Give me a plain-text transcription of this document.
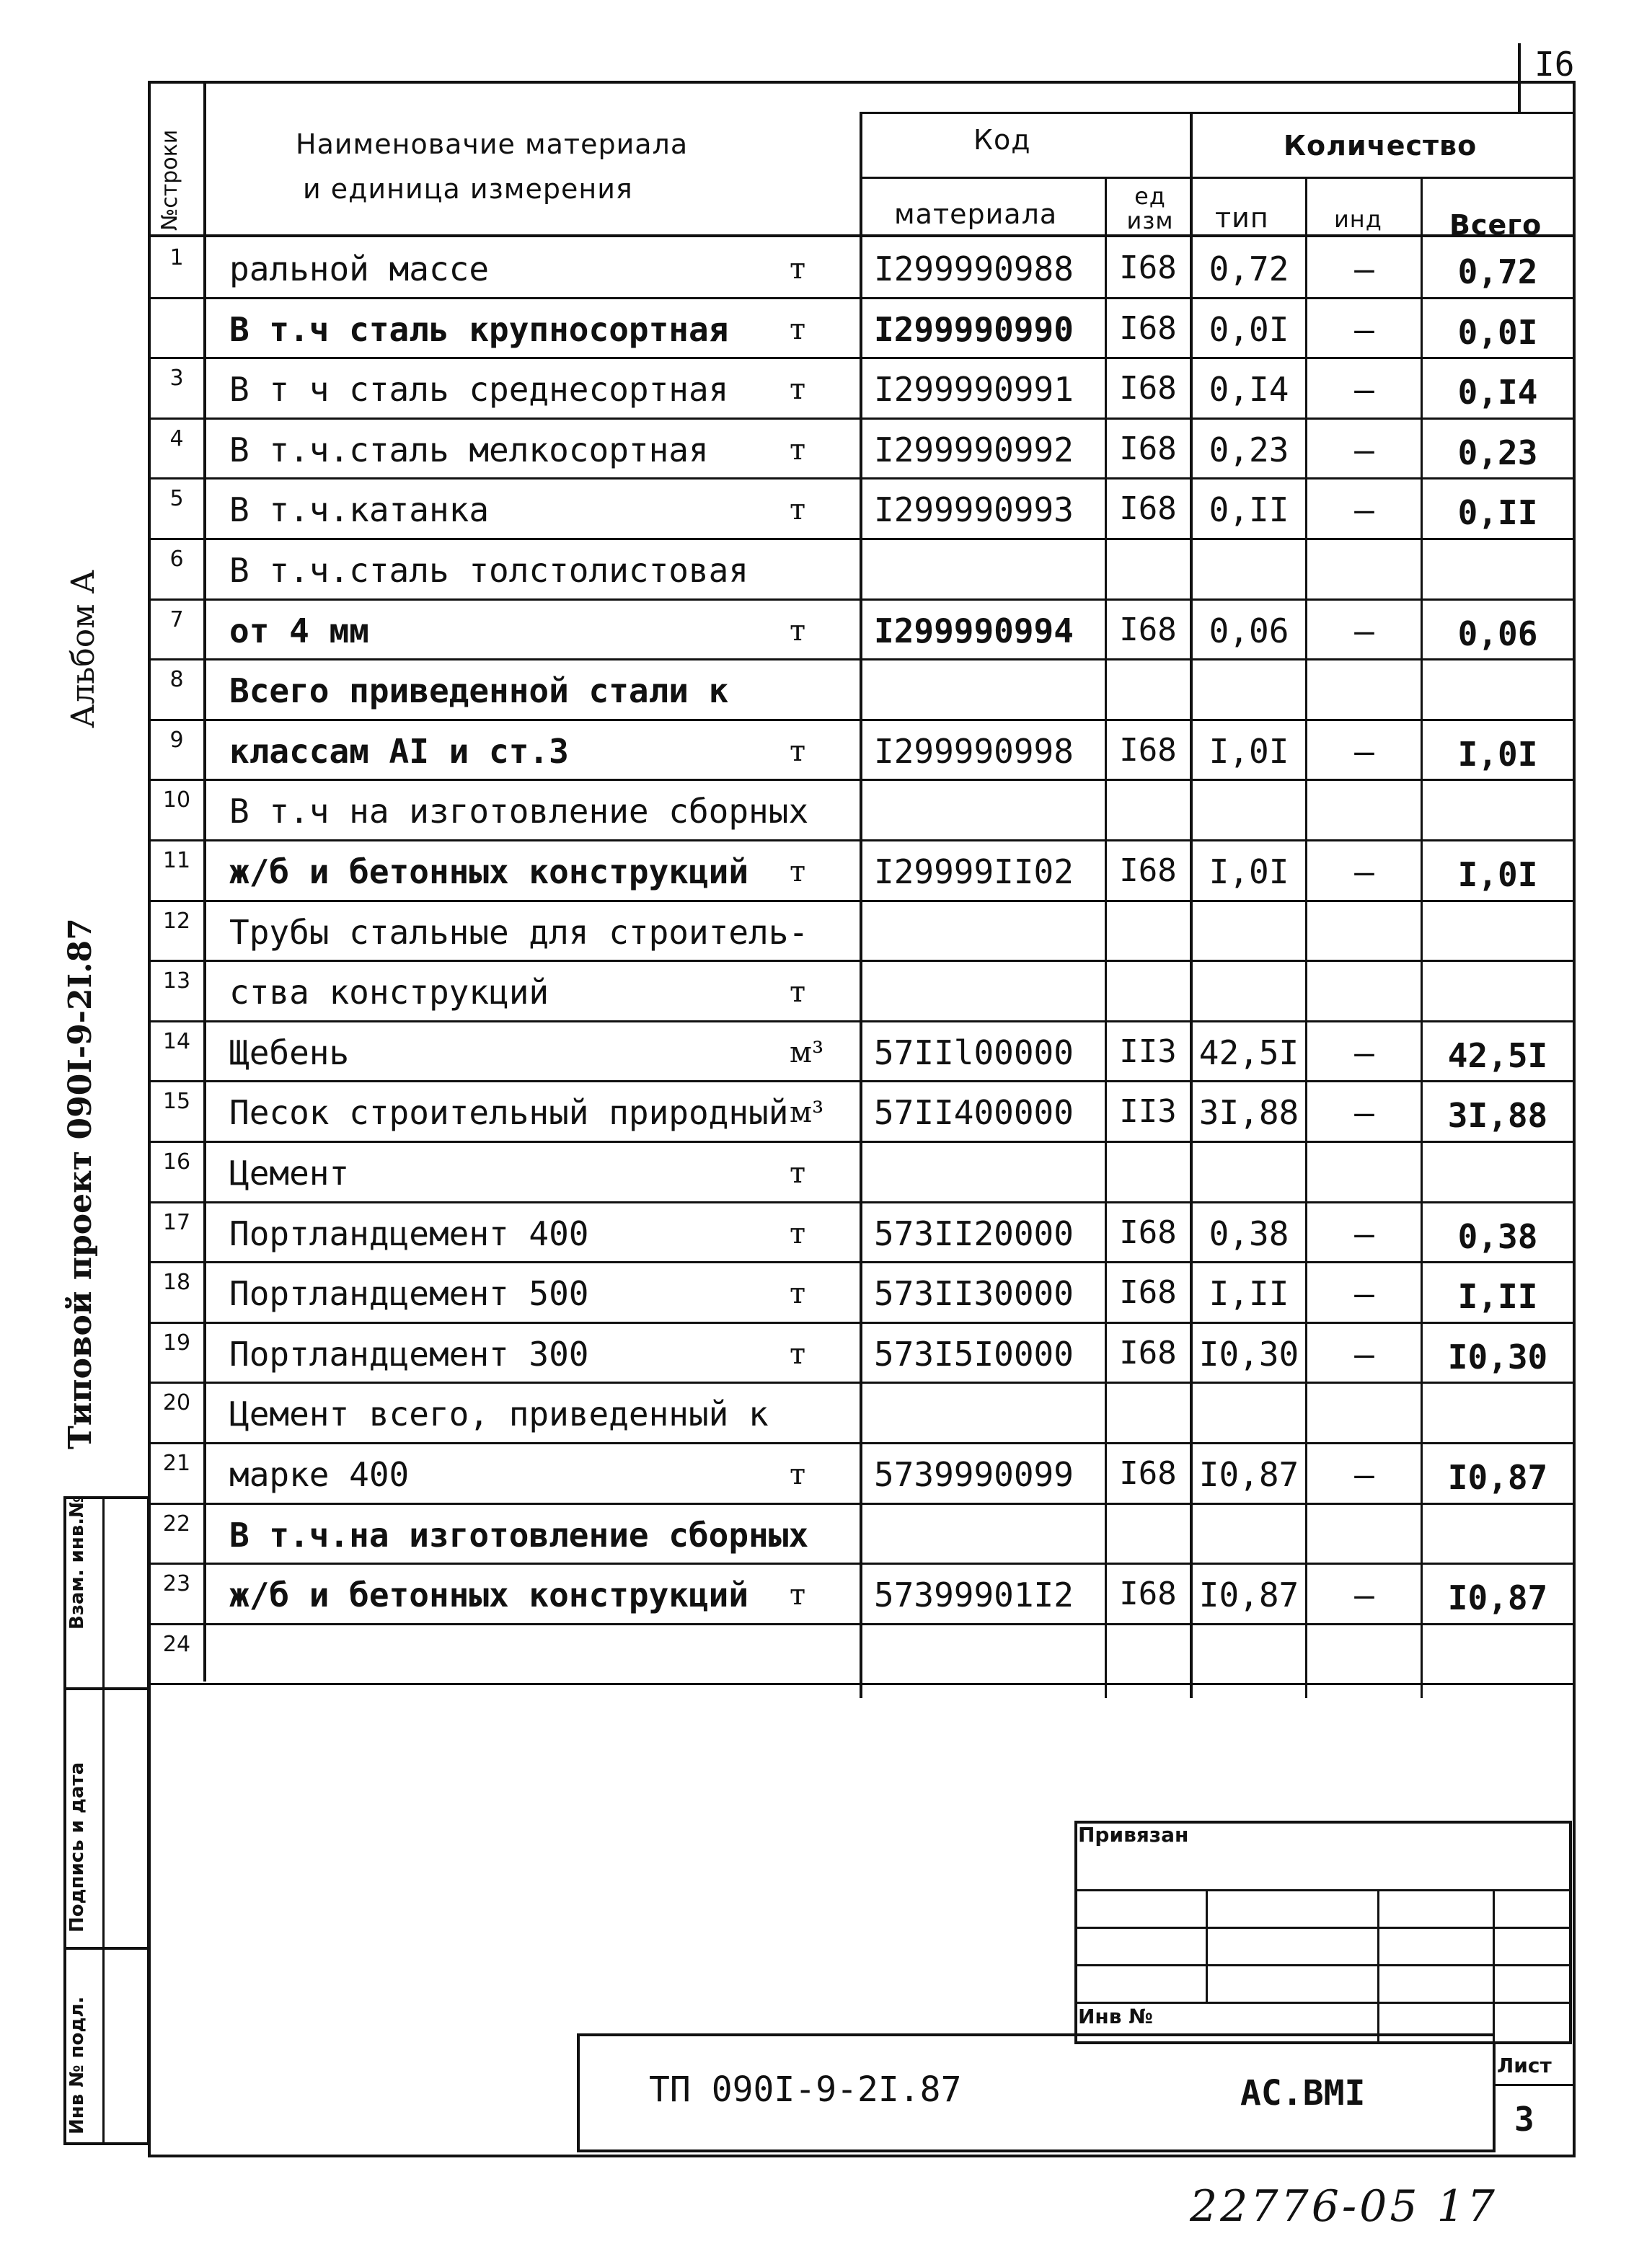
I6
Альбом А
Типовой проект 090I-9-2I.87
Взам. инв.№
Подпись и дата
Инв № подл.
№строки	Наименовачие материала
и единица измерения
Код
материала
ед изм
Количество
тип	инд Всего
1	ральной массе	т I299990988	I68 0,72	–	0,72
В т.ч сталь крупносортная т I299990990	I68 0,0I	–	0,0I
3	В т ч сталь среднесортная т I299990991	I68 0,I4	–	0,I4
4	В т.ч.сталь мелкосортная	т I299990992	I68 0,23	–	0,23
5	В т.ч.катанка	т I299990993	I68 0,II	–	0,II
6	В т.ч.сталь толстолистовая
7	от 4 мм	т I299990994	I68 0,06	–	0,06
8	Всего приведенной стали к
9	классам АI и ст.3	т I299990998	I68 I,0I	–	I,0I
10	В т.ч на изготовление сборных
11	ж/б и бетонных конструкций т I29999II02	I68 I,0I	–	I,0I
12	Трубы стальные для строитель-
13	ства конструкций	т
14	Щебень	м³ 57IIl00000	II3 42,5I	–	42,5I
15	Песок строительный природный м³ 57II400000	II3 3I,88	–	3I,88
16	Цемент	т
17	Портландцемент 400	т 573II20000	I68 0,38	–	0,38
18	Портландцемент 500	т 573II30000	I68 I,II	–	I,II
19	Портландцемент 300	т 573I5I0000	I68 I0,30	–	I0,30
20	Цемент всего, приведенный к
21	марке 400	т 5739990099	I68 I0,87	–	I0,87
22	В т.ч.на изготовление сборных
23	ж/б и бетонных конструкций т 57399901I2	I68 I0,87	–	I0,87
24
Привязан
Инв №
ТП 090I-9-2I.87	АС.ВМI
Лист
3
22776-05 17
